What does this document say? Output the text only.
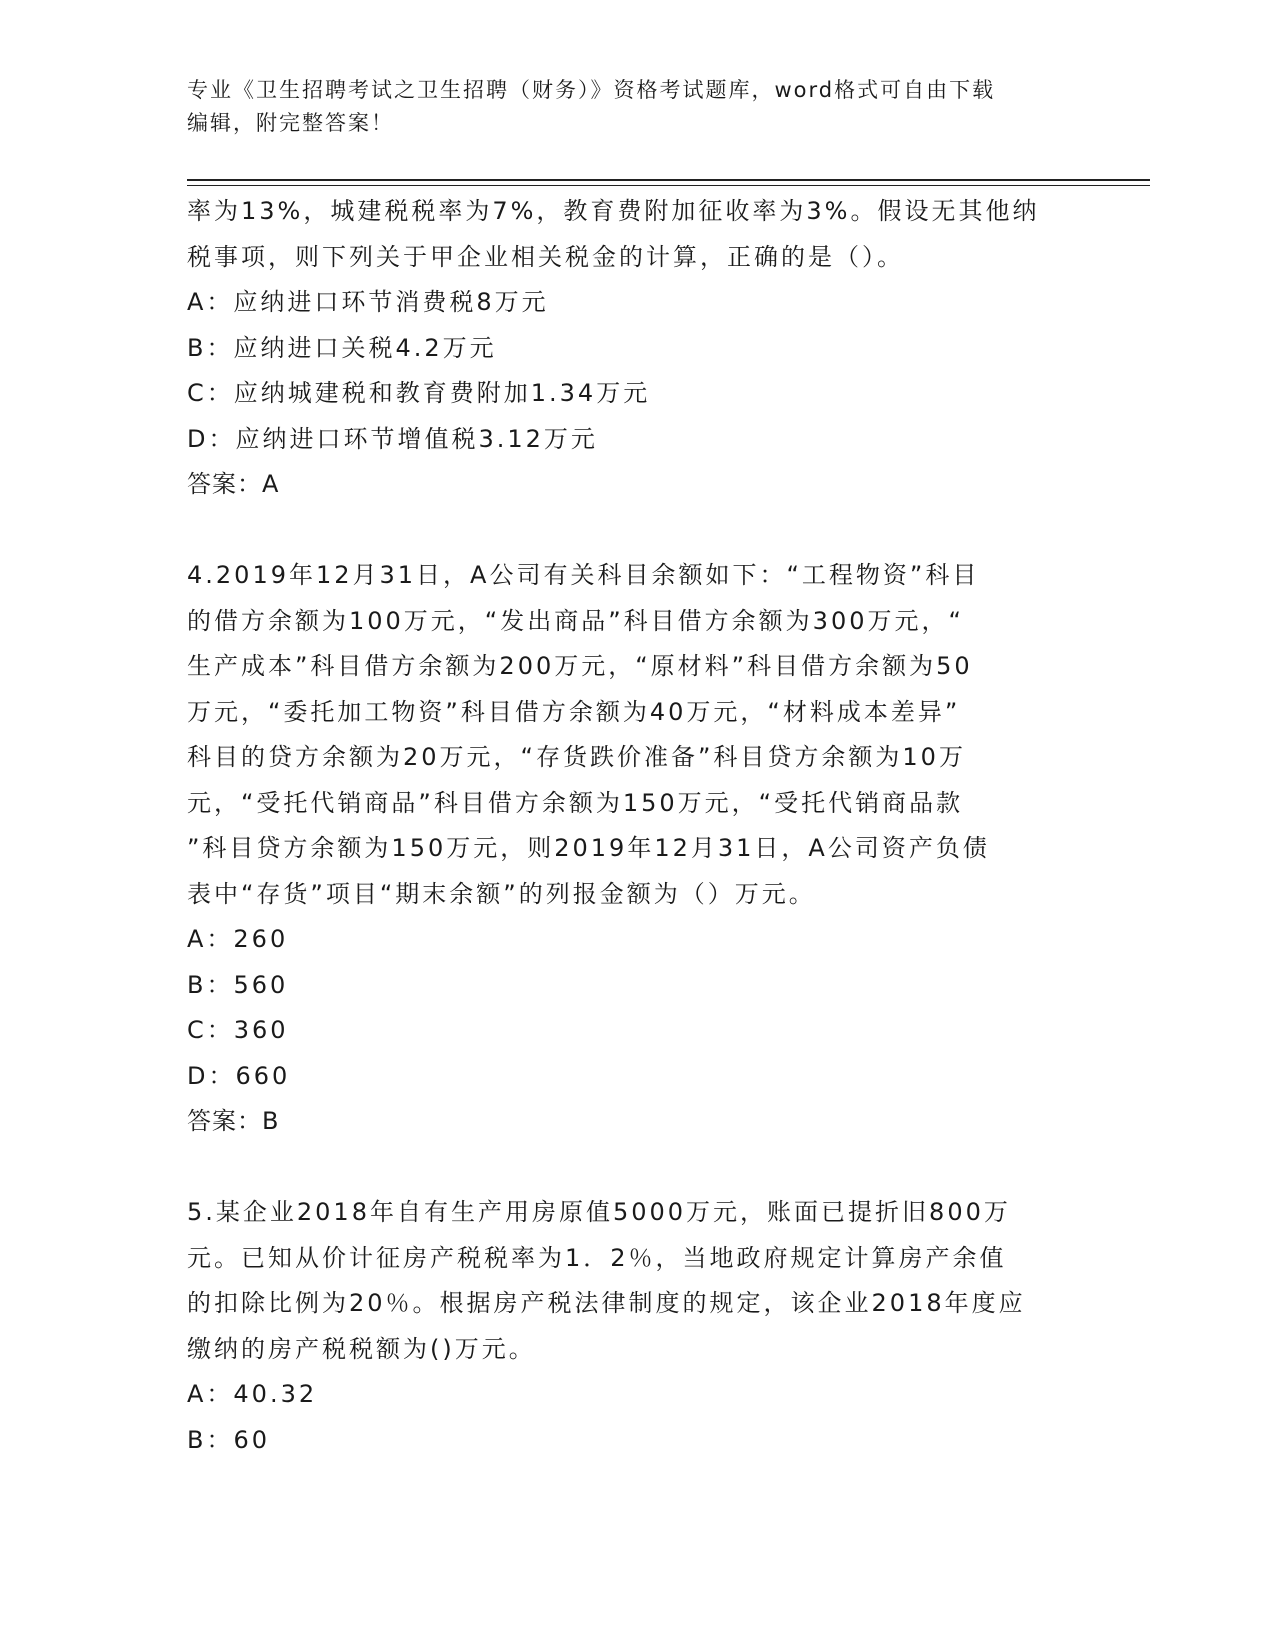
专业《卫生招聘考试之卫生招聘（财务）》资格考试题库，word格式可自由下载
编辑，附完整答案！

率为13%，城建税税率为7%，教育费附加征收率为3%。假设无其他纳

税事项，则下列关于甲企业相关税金的计算，正确的是（）。

A：应纳进口环节消费税8万元

B：应纳进口关税4.2万元

C：应纳城建税和教育费附加1.34万元

D：应纳进口环节增值税3.12万元

答案：A

4.2019年12月31日，A公司有关科目余额如下：“工程物资”科目

的借方余额为100万元，“发出商品”科目借方余额为300万元，“

生产成本”科目借方余额为200万元，“原材料”科目借方余额为50

万元，“委托加工物资”科目借方余额为40万元，“材料成本差异”

科目的贷方余额为20万元，“存货跌价准备”科目贷方余额为10万

元，“受托代销商品”科目借方余额为150万元，“受托代销商品款

”科目贷方余额为150万元，则2019年12月31日，A公司资产负债

表中“存货”项目“期末余额”的列报金额为（）万元。

A：260

B：560

C：360

D：660

答案：B

5.某企业2018年自有生产用房原值5000万元，账面已提折旧800万

元。已知从价计征房产税税率为1．2％，当地政府规定计算房产余值

的扣除比例为20％。根据房产税法律制度的规定，该企业2018年度应

缴纳的房产税税额为()万元。

A：40.32

B：60
